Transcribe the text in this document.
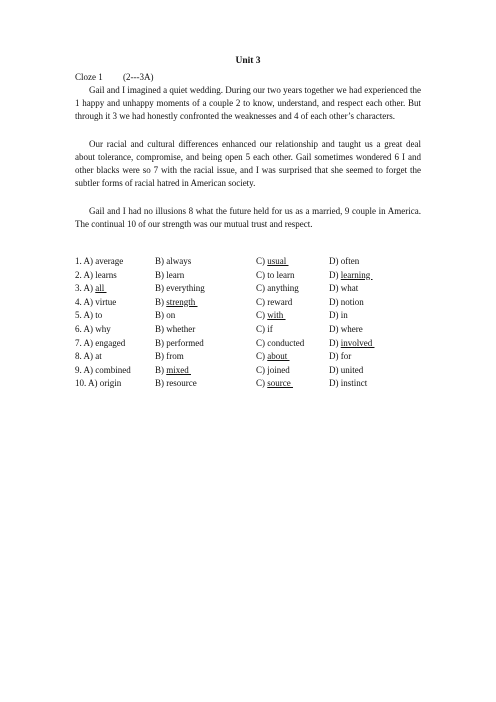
Unit 3
Cloze 1         (2---3A)
Gail and I imagined a quiet wedding. During our two years together we had experienced the 1 happy and unhappy moments of a couple 2 to know, understand, and respect each other. But through it 3 we had honestly confronted the weaknesses and 4 of each other’s characters.
Our racial and cultural differences enhanced our relationship and taught us a great deal about tolerance, compromise, and being open 5 each other. Gail sometimes wondered 6 I and other blacks were so 7 with the racial issue, and I was surprised that she seemed to forget the subtler forms of racial hatred in American society.
Gail and I had no illusions 8 what the future held for us as a married, 9 couple in America. The continual 10 of our strength was our mutual trust and respect.
1. A) average	B) always	C) usual	D) often
2. A) learns	B) learn	C) to learn	D) learning
3. A) all	B) everything	C) anything	D) what
4. A) virtue	B) strength	C) reward	D) notion
5. A) to	B) on	C) with	D) in
6. A) why	B) whether	C) if	D) where
7. A) engaged	B) performed	C) conducted	D) involved
8. A) at	B) from	C) about	D) for
9. A) combined	B) mixed	C) joined	D) united
10. A) origin	B) resource	C) source	D) instinct
